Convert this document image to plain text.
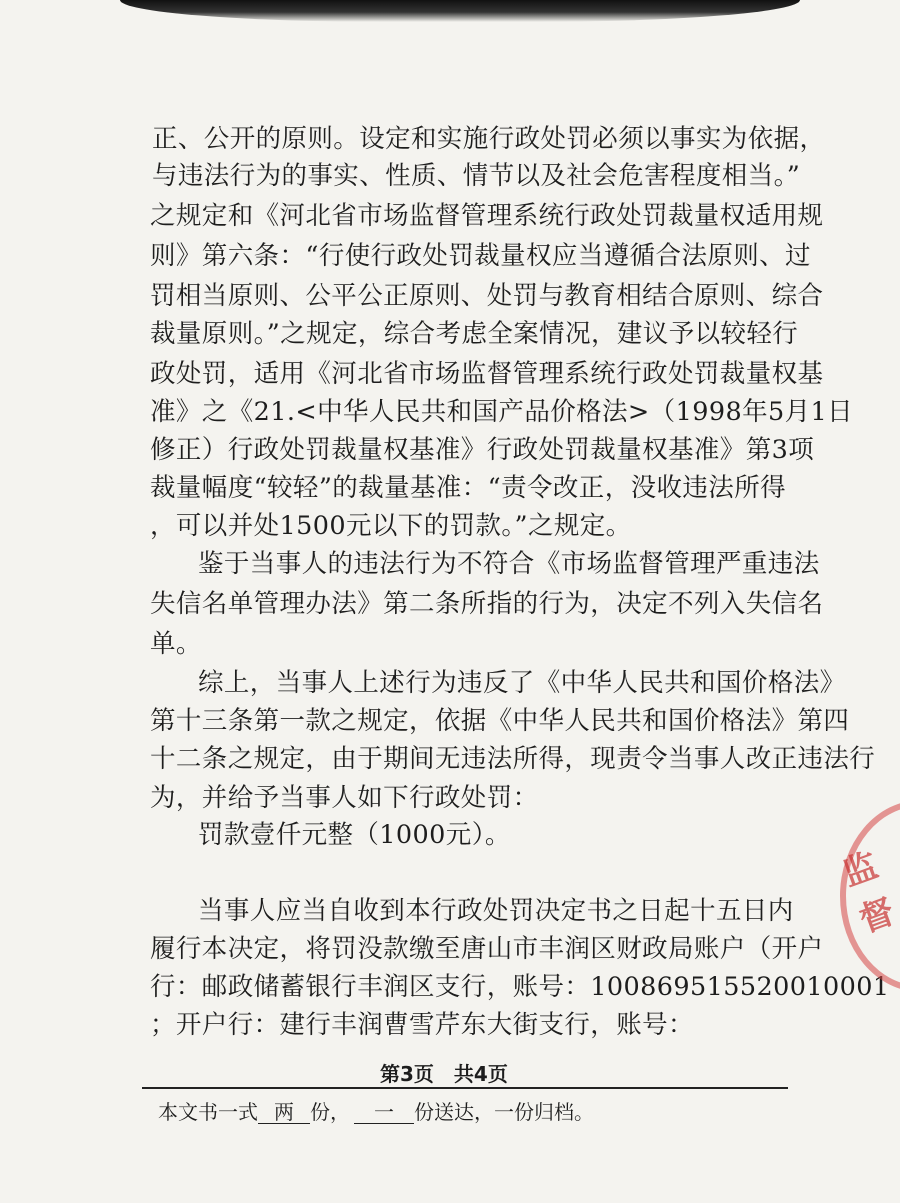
正、公开的原则。设定和实施行政处罚必须以事实为依据，
与违法行为的事实、性质、情节以及社会危害程度相当。”
之规定和《河北省市场监督管理系统行政处罚裁量权适用规
则》第六条：“行使行政处罚裁量权应当遵循合法原则、过
罚相当原则、公平公正原则、处罚与教育相结合原则、综合
裁量原则。”之规定，综合考虑全案情况，建议予以较轻行
政处罚，适用《河北省市场监督管理系统行政处罚裁量权基
准》之《21.<中华人民共和国产品价格法>（1998年5月1日
修正）行政处罚裁量权基准》行政处罚裁量权基准》第3项
裁量幅度“较轻”的裁量基准：“责令改正，没收违法所得
，可以并处1500元以下的罚款。”之规定。
鉴于当事人的违法行为不符合《市场监督管理严重违法
失信名单管理办法》第二条所指的行为，决定不列入失信名
单。
综上，当事人上述行为违反了《中华人民共和国价格法》
第十三条第一款之规定，依据《中华人民共和国价格法》第四
十二条之规定，由于期间无违法所得，现责令当事人改正违法行
为，并给予当事人如下行政处罚：
罚款壹仟元整（1000元）。
当事人应当自收到本行政处罚决定书之日起十五日内
履行本决定，将罚没款缴至唐山市丰润区财政局账户（开户
行：邮政储蓄银行丰润区支行，账号：100869515520010001
；开户行：建行丰润曹雪芹东大街支行，账号：
第3页　共4页
本文书一式 两 份， 一 份送达，一份归档。
监督
